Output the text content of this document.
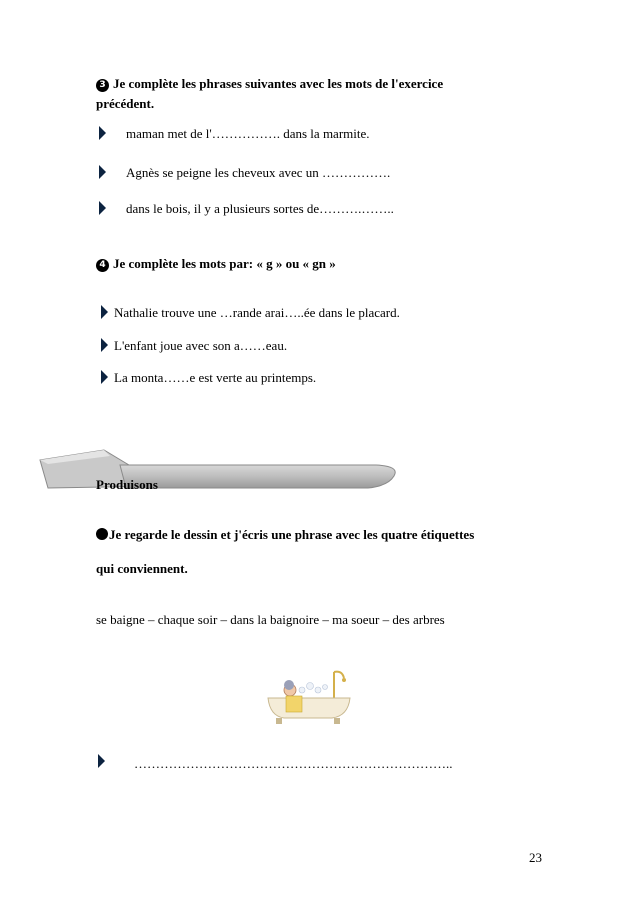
3 Je complète les phrases suivantes avec les mots de l'exercice
précédent.
maman met de l'……………. dans la marmite.
Agnès se peigne les cheveux avec un …………….
dans le bois, il y a plusieurs sortes de……….……..
4 Je complète les mots par: « g » ou « gn »
Nathalie trouve une …rande arai…..ée dans le placard.
L'enfant joue avec son a……eau.
La monta……e est verte au printemps.
Produisons
Je regarde le dessin et j'écris une phrase avec les quatre étiquettes
qui conviennent.
se baigne – chaque soir – dans la baignoire – ma soeur – des arbres
………………………………………………………………..
23
